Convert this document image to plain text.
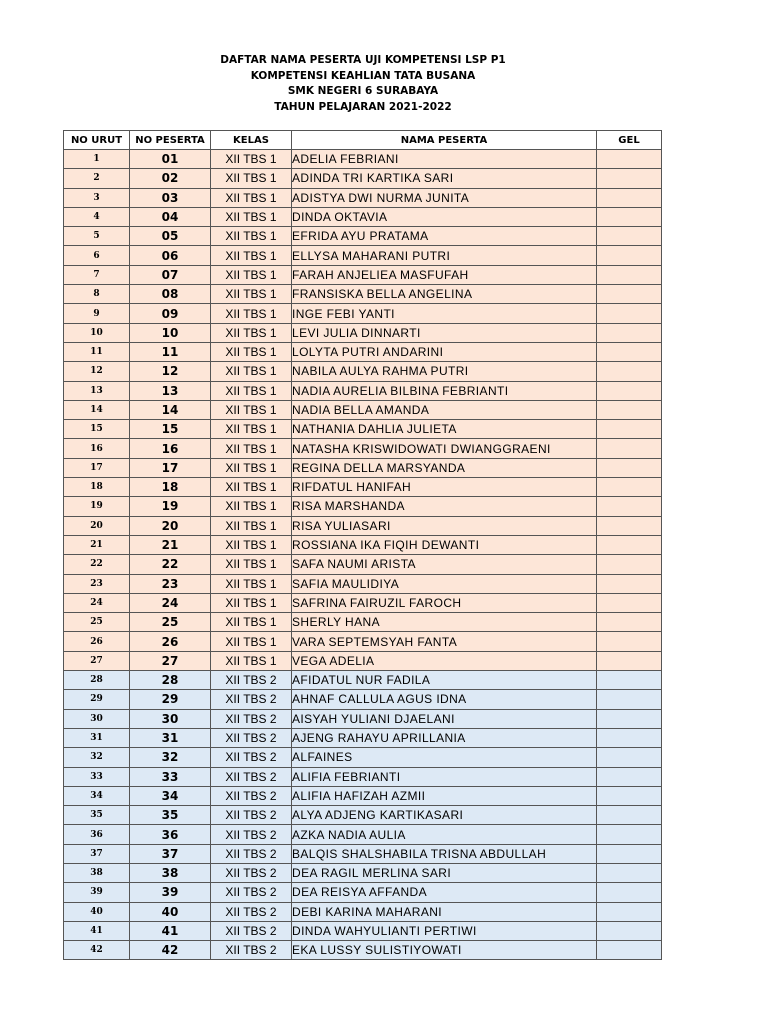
DAFTAR NAMA PESERTA UJI KOMPETENSI LSP P1
KOMPETENSI KEAHLIAN TATA BUSANA
SMK NEGERI 6 SURABAYA
TAHUN PELAJARAN 2021-2022
NO URUT	NO PESERTA	KELAS	NAMA PESERTA	GEL
1	01	XII TBS 1	ADELIA FEBRIANI	
2	02	XII TBS 1	ADINDA TRI KARTIKA SARI	
3	03	XII TBS 1	ADISTYA DWI NURMA JUNITA	
4	04	XII TBS 1	DINDA OKTAVIA	
5	05	XII TBS 1	EFRIDA AYU PRATAMA	
6	06	XII TBS 1	ELLYSA MAHARANI PUTRI	
7	07	XII TBS 1	FARAH ANJELIEA MASFUFAH	
8	08	XII TBS 1	FRANSISKA BELLA ANGELINA	
9	09	XII TBS 1	INGE FEBI YANTI	
10	10	XII TBS 1	LEVI JULIA DINNARTI	
11	11	XII TBS 1	LOLYTA PUTRI ANDARINI	
12	12	XII TBS 1	NABILA AULYA RAHMA PUTRI	
13	13	XII TBS 1	NADIA AURELIA BILBINA FEBRIANTI	
14	14	XII TBS 1	NADIA BELLA AMANDA	
15	15	XII TBS 1	NATHANIA DAHLIA JULIETA	
16	16	XII TBS 1	NATASHA KRISWIDOWATI DWIANGGRAENI	
17	17	XII TBS 1	REGINA DELLA MARSYANDA	
18	18	XII TBS 1	RIFDATUL HANIFAH	
19	19	XII TBS 1	RISA MARSHANDA	
20	20	XII TBS 1	RISA YULIASARI	
21	21	XII TBS 1	ROSSIANA IKA FIQIH DEWANTI	
22	22	XII TBS 1	SAFA NAUMI ARISTA	
23	23	XII TBS 1	SAFIA MAULIDIYA	
24	24	XII TBS 1	SAFRINA FAIRUZIL FAROCH	
25	25	XII TBS 1	SHERLY HANA	
26	26	XII TBS 1	VARA SEPTEMSYAH FANTA	
27	27	XII TBS 1	VEGA ADELIA	
28	28	XII TBS 2	AFIDATUL NUR FADILA	
29	29	XII TBS 2	AHNAF CALLULA AGUS IDNA	
30	30	XII TBS 2	AISYAH YULIANI DJAELANI	
31	31	XII TBS 2	AJENG RAHAYU APRILLANIA	
32	32	XII TBS 2	ALFAINES	
33	33	XII TBS 2	ALIFIA FEBRIANTI	
34	34	XII TBS 2	ALIFIA HAFIZAH AZMII	
35	35	XII TBS 2	ALYA ADJENG KARTIKASARI	
36	36	XII TBS 2	AZKA NADIA AULIA	
37	37	XII TBS 2	BALQIS SHALSHABILA TRISNA ABDULLAH	
38	38	XII TBS 2	DEA RAGIL MERLINA SARI	
39	39	XII TBS 2	DEA REISYA AFFANDA	
40	40	XII TBS 2	DEBI KARINA MAHARANI	
41	41	XII TBS 2	DINDA WAHYULIANTI PERTIWI	
42	42	XII TBS 2	EKA LUSSY SULISTIYOWATI	
